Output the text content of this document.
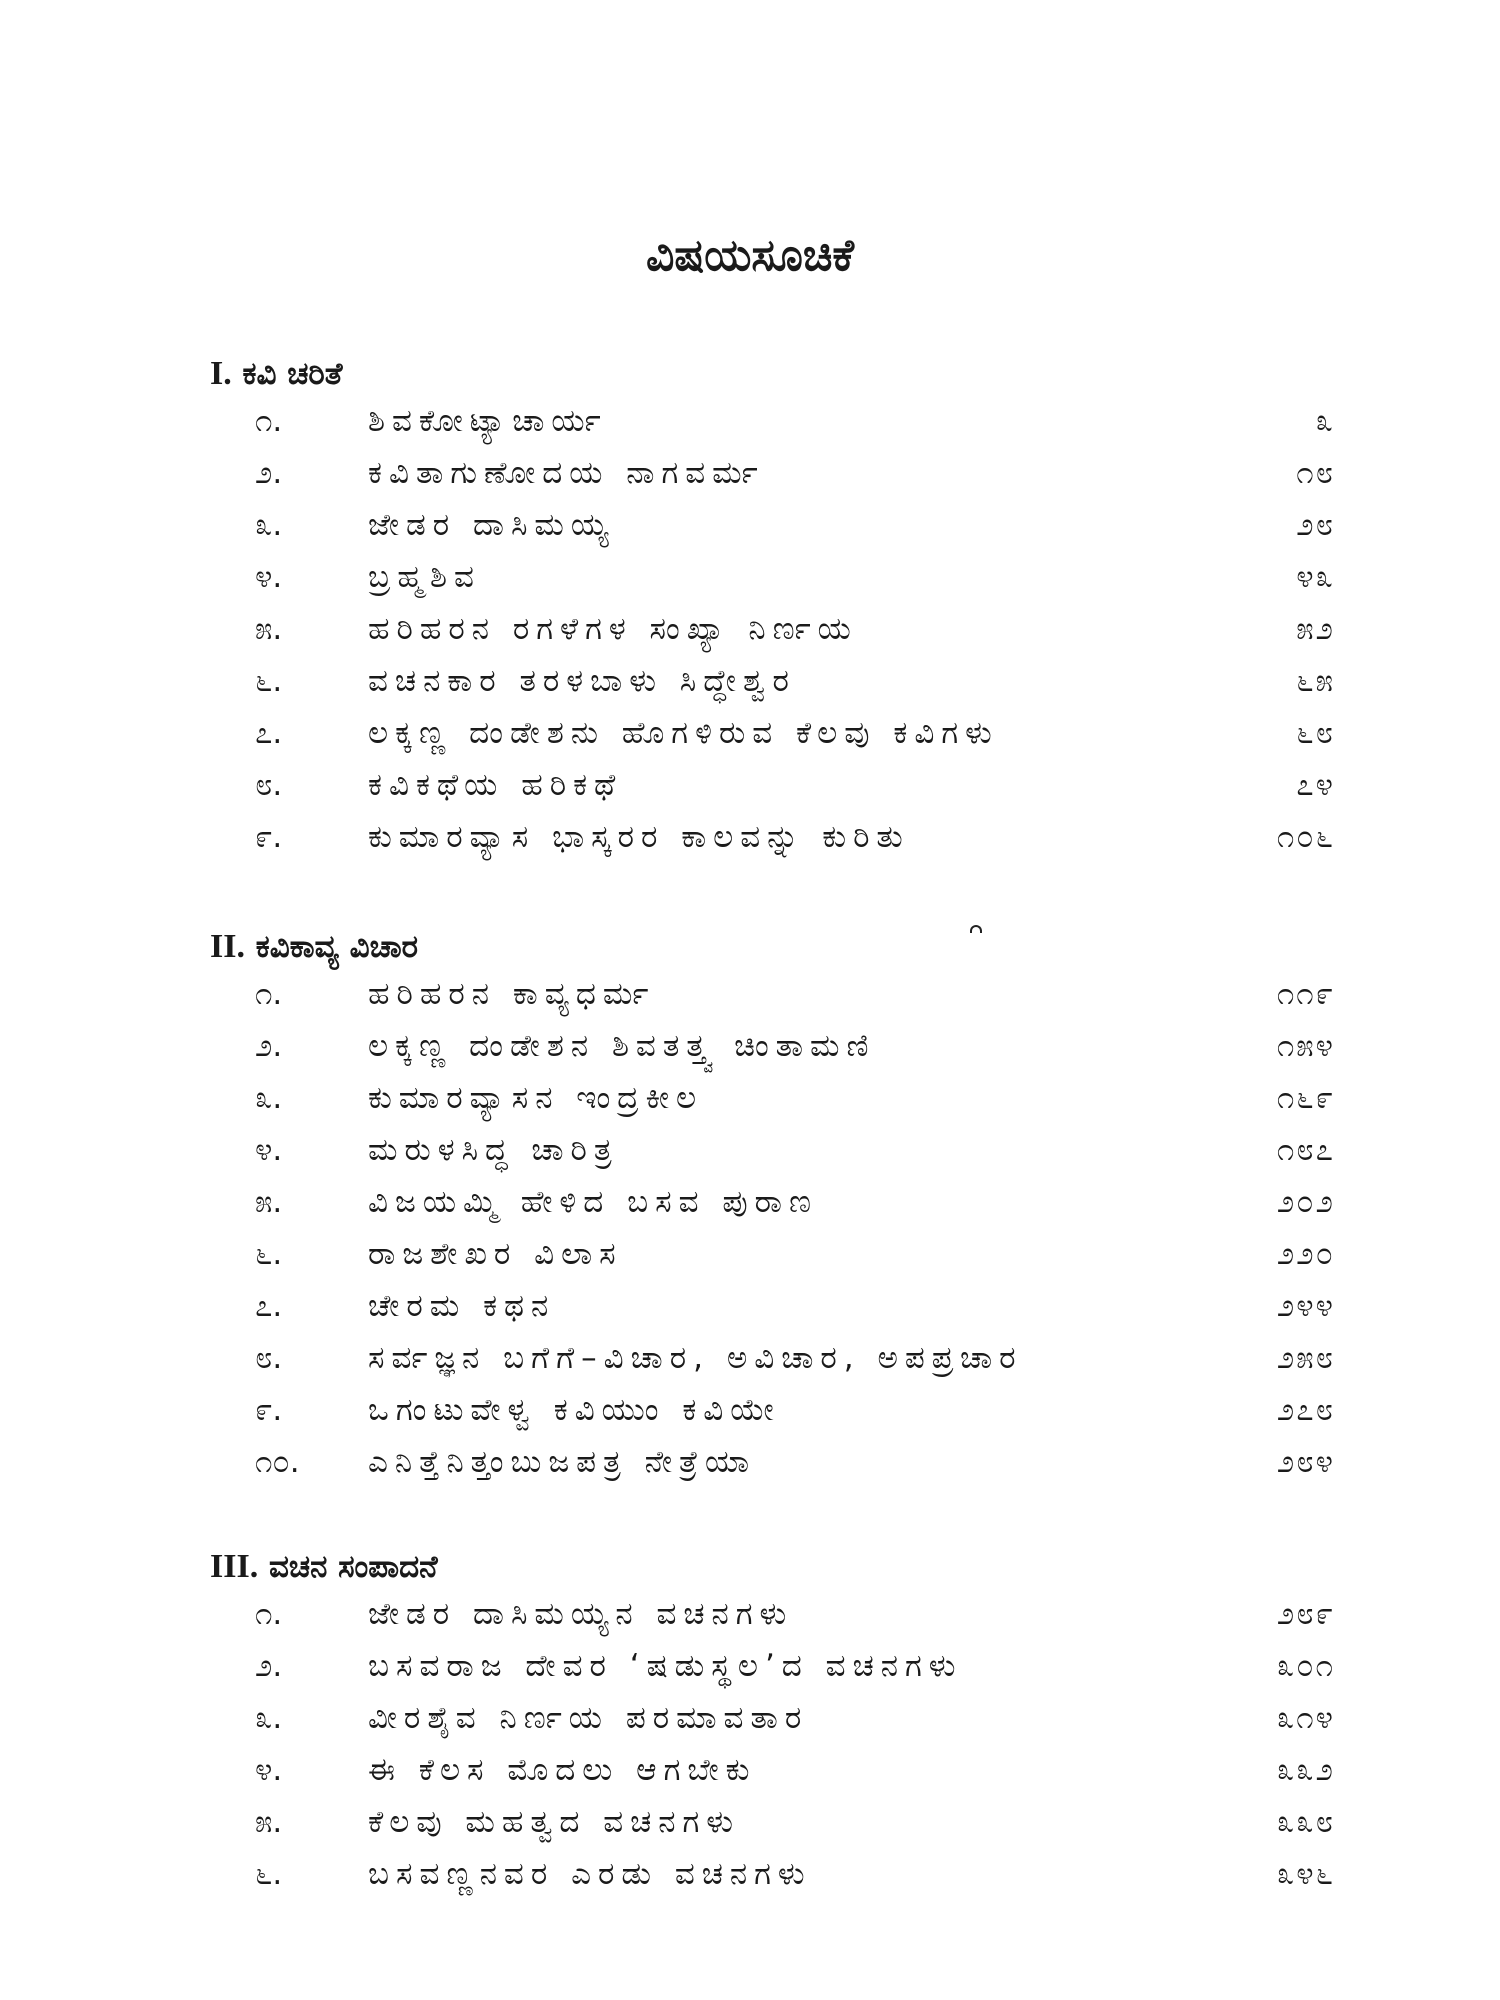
ವಿಷಯಸೂಚಿಕೆ
I. ಕವಿ ಚರಿತೆ
೧.	ಶಿವಕೋಟ್ಯಾಚಾರ್ಯ	೩
೨.	ಕವಿತಾಗುಣೋದಯ ನಾಗವರ್ಮ	೧೮
೩.	ಜೇಡರ ದಾಸಿಮಯ್ಯ	೨೮
೪.	ಬ್ರಹ್ಮಶಿವ	೪೩
೫.	ಹರಿಹರನ ರಗಳೆಗಳ ಸಂಖ್ಯಾ ನಿರ್ಣಯ	೫೨
೬.	ವಚನಕಾರ ತರಳಬಾಳು ಸಿದ್ಧೇಶ್ವರ	೬೫
೭.	ಲಕ್ಕಣ್ಣ ದಂಡೇಶನು ಹೊಗಳಿರುವ ಕೆಲವು ಕವಿಗಳು	೬೮
೮.	ಕವಿಕಥೆಯ ಹರಿಕಥೆ	೭೪
೯.	ಕುಮಾರವ್ಯಾಸ ಭಾಸ್ಕರರ ಕಾಲವನ್ನು ಕುರಿತು	೧೦೬
II. ಕವಿಕಾವ್ಯ ವಿಚಾರ
೧.	ಹರಿಹರನ ಕಾವ್ಯಧರ್ಮ	೧೧೯
೨.	ಲಕ್ಕಣ್ಣ ದಂಡೇಶನ ಶಿವತತ್ತ್ವ ಚಿಂತಾಮಣಿ	೧೫೪
೩.	ಕುಮಾರವ್ಯಾಸನ ಇಂದ್ರಕೀಲ	೧೬೯
೪.	ಮರುಳಸಿದ್ಧ ಚಾರಿತ್ರ	೧೮೭
೫.	ವಿಜಯಮ್ಮಿ ಹೇಳಿದ ಬಸವ ಪುರಾಣ	೨೦೨
೬.	ರಾಜಶೇಖರ ವಿಲಾಸ	೨೨೦
೭.	ಚೇರಮ ಕಥನ	೨೪೪
೮.	ಸರ್ವಜ್ಞನ ಬಗೆಗೆ–ವಿಚಾರ, ಅವಿಚಾರ, ಅಪಪ್ರಚಾರ	೨೫೮
೯.	ಒಗಂಟುವೇಳ್ವ ಕವಿಯುಂ ಕವಿಯೇ	೨೭೮
೧೦. ಎನಿತ್ತೆನಿತ್ತಂಬುಜಪತ್ರ ನೇತ್ರೆಯಾ	೨೮೪
III. ವಚನ ಸಂಪಾದನೆ
೧.	ಜೇಡರ ದಾಸಿಮಯ್ಯನ ವಚನಗಳು	೨೮೯
೨.	ಬಸವರಾಜ ದೇವರ ‘ಷಡುಸ್ಥಲ’ದ ವಚನಗಳು	೩೦೧
೩.	ವೀರಶೈವ ನಿರ್ಣಯ ಪರಮಾವತಾರ	೩೧೪
೪.	ಈ ಕೆಲಸ ಮೊದಲು ಆಗಬೇಕು	೩೩೨
೫.	ಕೆಲವು ಮಹತ್ವದ ವಚನಗಳು	೩೩೮
೬.	ಬಸವಣ್ಣನವರ ಎರಡು ವಚನಗಳು	೩೪೬
